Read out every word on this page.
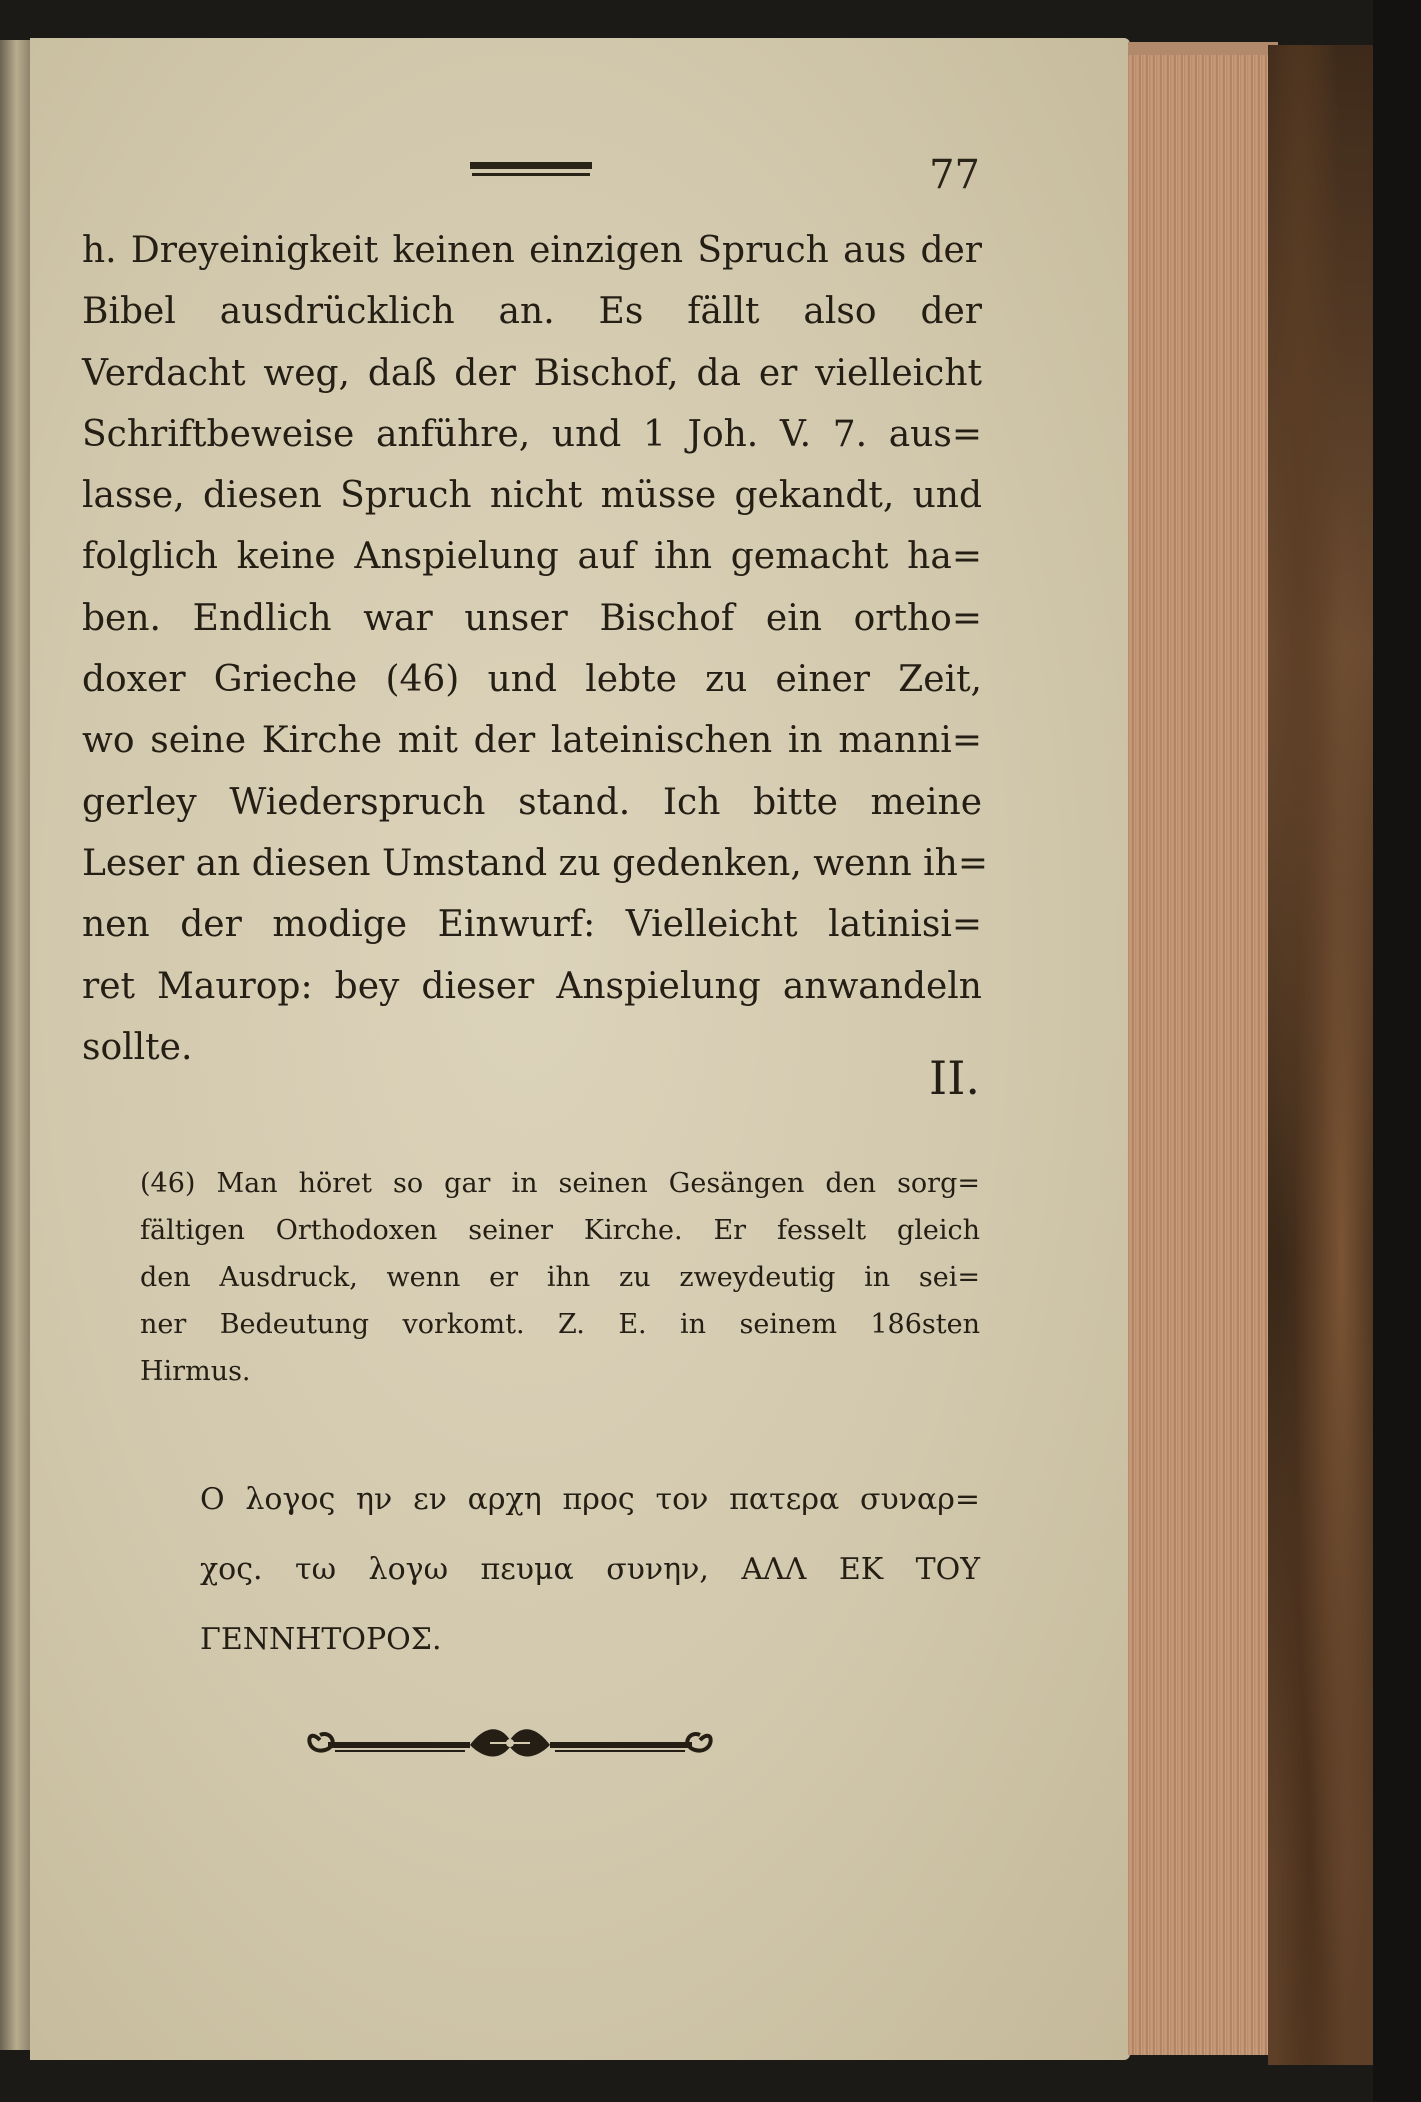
77
h. Dreyeinigkeit keinen einzigen Spruch aus der
Bibel ausdrücklich an. Es fällt also der
Verdacht weg, daß der Bischof, da er vielleicht
Schriftbeweise anführe, und 1 Joh. V. 7. aus=
lasse, diesen Spruch nicht müsse gekandt, und
folglich keine Anspielung auf ihn gemacht ha=
ben. Endlich war unser Bischof ein ortho=
doxer Grieche (46) und lebte zu einer Zeit,
wo seine Kirche mit der lateinischen in manni=
gerley Wiederspruch stand. Ich bitte meine
Leser an diesen Umstand zu gedenken, wenn ih=
nen der modige Einwurf: Vielleicht latinisi=
ret Maurop: bey dieser Anspielung anwandeln
sollte.
II.
(46) Man höret so gar in seinen Gesängen den sorg=
fältigen Orthodoxen seiner Kirche. Er fesselt gleich
den Ausdruck, wenn er ihn zu zweydeutig in sei=
ner Bedeutung vorkomt. Z. E. in seinem 186sten
Hirmus.
Ο λογος ην εν αρχη προς τον πατερα συναρ=
χος. τω λογω πευμα συνην, ΑΛΛ ΕΚ ΤΟΥ
ΓΕΝΝΗΤΟΡΟΣ.
